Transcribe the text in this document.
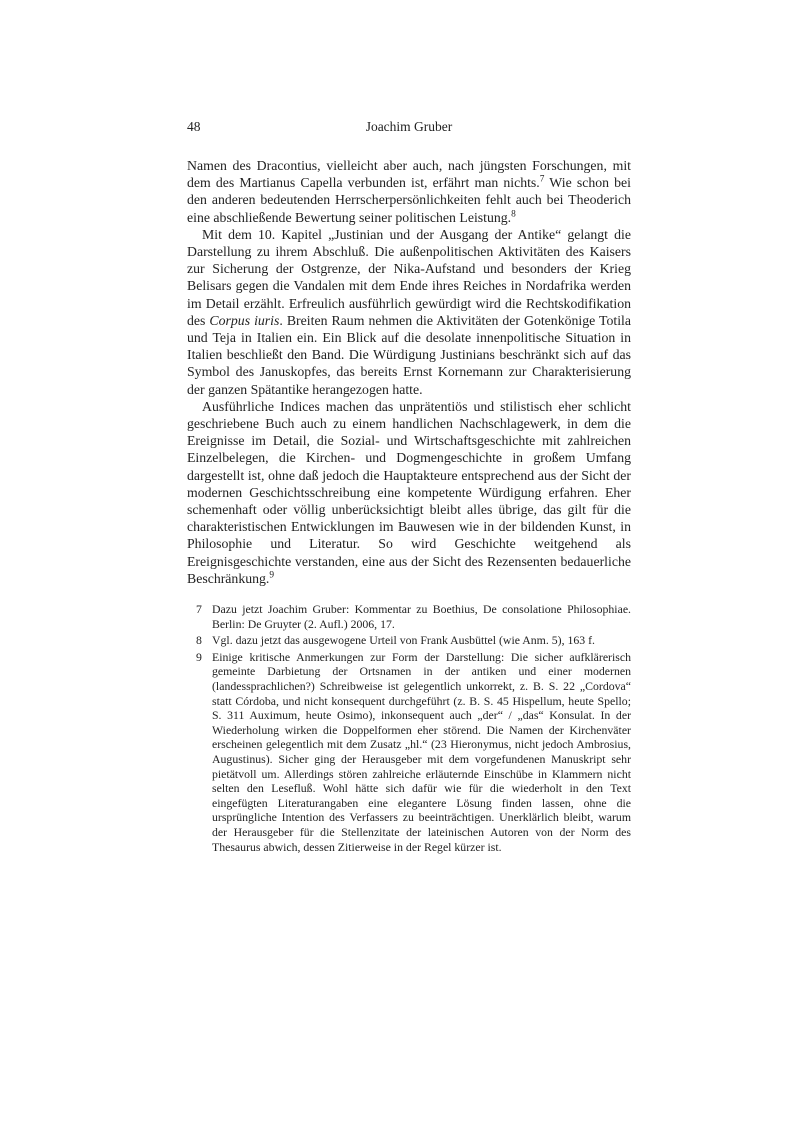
48	Joachim Gruber

Namen des Dracontius, vielleicht aber auch, nach jüngsten Forschungen, mit dem des Martianus Capella verbunden ist, erfährt man nichts.$^7$ Wie schon bei den anderen bedeutenden Herrscherpersönlichkeiten fehlt auch bei Theoderich eine abschließende Bewertung seiner politischen Leistung.$^8$

Mit dem 10. Kapitel „Justinian und der Ausgang der Antike“ gelangt die Darstellung zu ihrem Abschluß. Die außenpolitischen Aktivitäten des Kaisers zur Sicherung der Ostgrenze, der Nika-Aufstand und besonders der Krieg Belisars gegen die Vandalen mit dem Ende ihres Reiches in Nordafrika werden im Detail erzählt. Erfreulich ausführlich gewürdigt wird die Rechtskodifikation des Corpus iuris. Breiten Raum nehmen die Aktivitäten der Gotenkönige Totila und Teja in Italien ein. Ein Blick auf die desolate innenpolitische Situation in Italien beschließt den Band. Die Würdigung Justinians beschränkt sich auf das Symbol des Januskopfes, das bereits Ernst Kornemann zur Charakterisierung der ganzen Spätantike herangezogen hatte.

Ausführliche Indices machen das unprätentiös und stilistisch eher schlicht geschriebene Buch auch zu einem handlichen Nachschlagewerk, in dem die Ereignisse im Detail, die Sozial- und Wirtschaftsgeschichte mit zahlreichen Einzelbelegen, die Kirchen- und Dogmengeschichte in großem Umfang dargestellt ist, ohne daß jedoch die Hauptakteure entsprechend aus der Sicht der modernen Geschichtsschreibung eine kompetente Würdigung erfahren. Eher schemenhaft oder völlig unberücksichtigt bleibt alles übrige, das gilt für die charakteristischen Entwicklungen im Bauwesen wie in der bildenden Kunst, in Philosophie und Literatur. So wird Geschichte weitgehend als Ereignisgeschichte verstanden, eine aus der Sicht des Rezensenten bedauerliche Beschränkung.$^9$

7 Dazu jetzt Joachim Gruber: Kommentar zu Boethius, De consolatione Philosophiae. Berlin: De Gruyter (2. Aufl.) 2006, 17.
8 Vgl. dazu jetzt das ausgewogene Urteil von Frank Ausbüttel (wie Anm. 5), 163 f.
9 Einige kritische Anmerkungen zur Form der Darstellung: Die sicher aufklärerisch gemeinte Darbietung der Ortsnamen in der antiken und einer modernen (landessprachlichen?) Schreibweise ist gelegentlich unkorrekt, z. B. S. 22 „Cordova“ statt Córdoba, und nicht konsequent durchgeführt (z. B. S. 45 Hispellum, heute Spello; S. 311 Auximum, heute Osimo), inkonsequent auch „der“ / „das“ Konsulat. In der Wiederholung wirken die Doppelformen eher störend. Die Namen der Kirchenväter erscheinen gelegentlich mit dem Zusatz „hl.“ (23 Hieronymus, nicht jedoch Ambrosius, Augustinus). Sicher ging der Herausgeber mit dem vorgefundenen Manuskript sehr pietätvoll um. Allerdings stören zahlreiche erläuternde Einschübe in Klammern nicht selten den Lesefluß. Wohl hätte sich dafür wie für die wiederholt in den Text eingefügten Literaturangaben eine elegantere Lösung finden lassen, ohne die ursprüngliche Intention des Verfassers zu beeinträchtigen. Unerklärlich bleibt, warum der Herausgeber für die Stellenzitate der lateinischen Autoren von der Norm des Thesaurus abwich, dessen Zitierweise in der Regel kürzer ist.
